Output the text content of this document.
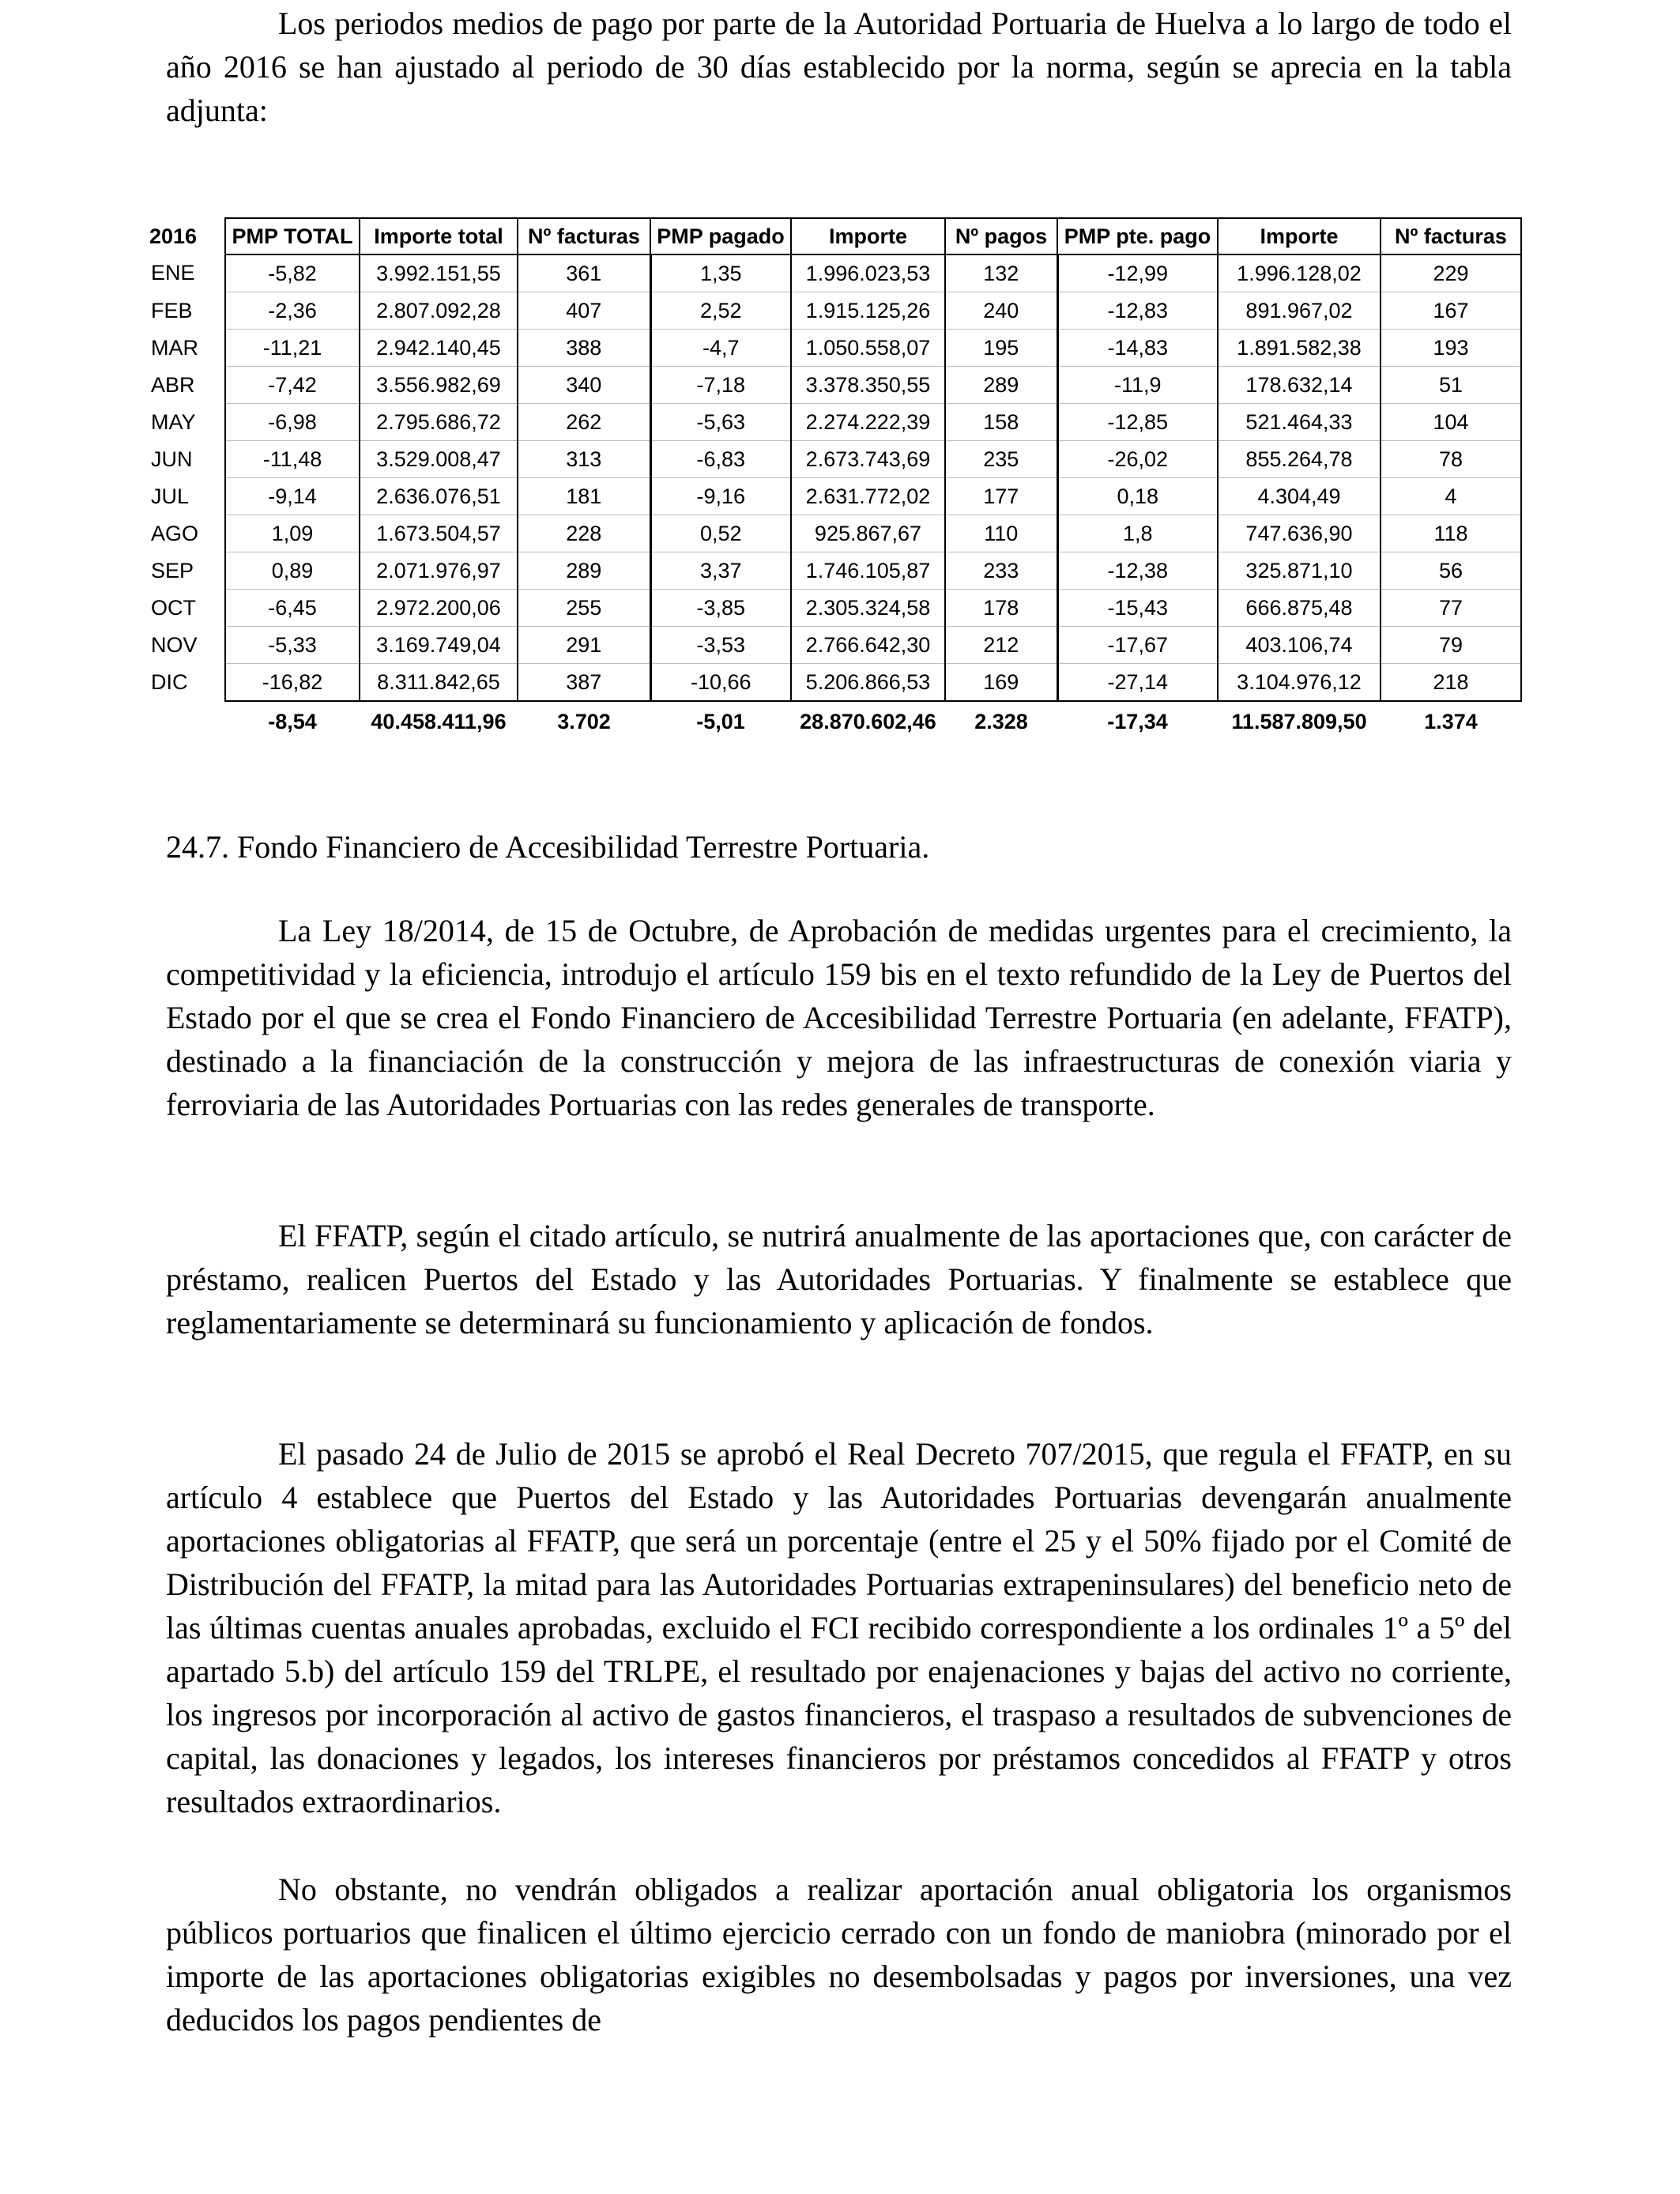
Los periodos medios de pago por parte de la Autoridad Portuaria de Huelva a lo largo de todo el año 2016 se han ajustado al periodo de 30 días establecido por la norma, según se aprecia en la tabla adjunta:

2016	PMP TOTAL	Importe total	Nº facturas	PMP pagado	Importe	Nº pagos	PMP pte. pago	Importe	Nº facturas
ENE	-5,82	3.992.151,55	361	1,35	1.996.023,53	132	-12,99	1.996.128,02	229
FEB	-2,36	2.807.092,28	407	2,52	1.915.125,26	240	-12,83	891.967,02	167
MAR	-11,21	2.942.140,45	388	-4,7	1.050.558,07	195	-14,83	1.891.582,38	193
ABR	-7,42	3.556.982,69	340	-7,18	3.378.350,55	289	-11,9	178.632,14	51
MAY	-6,98	2.795.686,72	262	-5,63	2.274.222,39	158	-12,85	521.464,33	104
JUN	-11,48	3.529.008,47	313	-6,83	2.673.743,69	235	-26,02	855.264,78	78
JUL	-9,14	2.636.076,51	181	-9,16	2.631.772,02	177	0,18	4.304,49	4
AGO	1,09	1.673.504,57	228	0,52	925.867,67	110	1,8	747.636,90	118
SEP	0,89	2.071.976,97	289	3,37	1.746.105,87	233	-12,38	325.871,10	56
OCT	-6,45	2.972.200,06	255	-3,85	2.305.324,58	178	-15,43	666.875,48	77
NOV	-5,33	3.169.749,04	291	-3,53	2.766.642,30	212	-17,67	403.106,74	79
DIC	-16,82	8.311.842,65	387	-10,66	5.206.866,53	169	-27,14	3.104.976,12	218
	-8,54	40.458.411,96	3.702	-5,01	28.870.602,46	2.328	-17,34	11.587.809,50	1.374
24.7. Fondo Financiero de Accesibilidad Terrestre Portuaria.

La Ley 18/2014, de 15 de Octubre, de Aprobación de medidas urgentes para el crecimiento, la competitividad y la eficiencia, introdujo el artículo 159 bis en el texto refundido de la Ley de Puertos del Estado por el que se crea el Fondo Financiero de Accesibilidad Terrestre Portuaria (en adelante, FFATP), destinado a la financiación de la construcción y mejora de las infraestructuras de conexión viaria y ferroviaria de las Autoridades Portuarias con las redes generales de transporte.

El FFATP, según el citado artículo, se nutrirá anualmente de las aportaciones que, con carácter de préstamo, realicen Puertos del Estado y las Autoridades Portuarias. Y finalmente se establece que reglamentariamente se determinará su funcionamiento y aplicación de fondos.

El pasado 24 de Julio de 2015 se aprobó el Real Decreto 707/2015, que regula el FFATP, en su artículo 4 establece que Puertos del Estado y las Autoridades Portuarias devengarán anualmente aportaciones obligatorias al FFATP, que será un porcentaje (entre el 25 y el 50% fijado por el Comité de Distribución del FFATP, la mitad para las Autoridades Portuarias extrapeninsulares) del beneficio neto de las últimas cuentas anuales aprobadas, excluido el FCI recibido correspondiente a los ordinales 1º a 5º del apartado 5.b) del artículo 159 del TRLPE, el resultado por enajenaciones y bajas del activo no corriente, los ingresos por incorporación al activo de gastos financieros, el traspaso a resultados de subvenciones de capital, las donaciones y legados, los intereses financieros por préstamos concedidos al FFATP y otros resultados extraordinarios.

No obstante, no vendrán obligados a realizar aportación anual obligatoria los organismos públicos portuarios que finalicen el último ejercicio cerrado con un fondo de maniobra (minorado por el importe de las aportaciones obligatorias exigibles no desembolsadas y pagos por inversiones, una vez deducidos los pagos pendientes de
